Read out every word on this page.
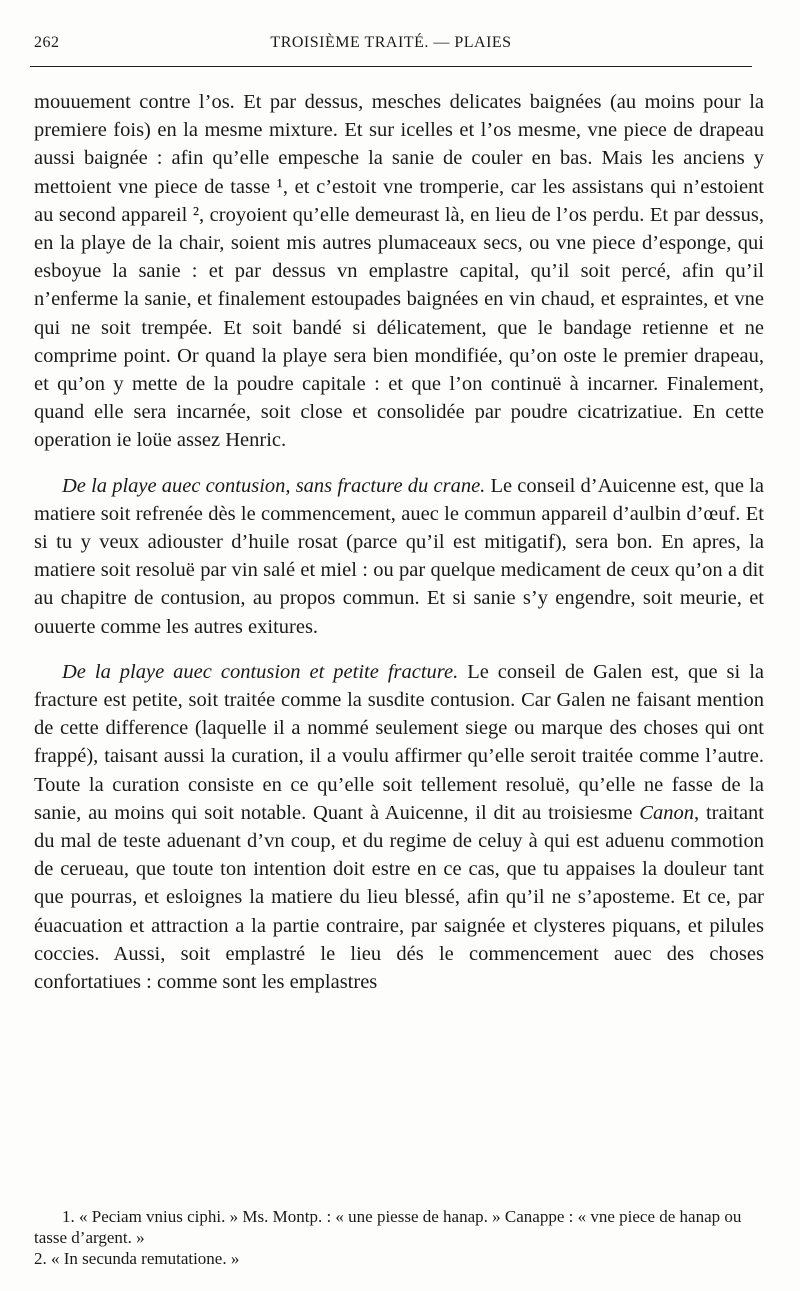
262	TROISIÈME TRAITÉ. — PLAIES

mouuement contre l’os. Et par dessus, mesches delicates baignées (au moins pour la premiere fois) en la mesme mixture. Et sur icelles et l’os mesme, vne piece de drapeau aussi baignée : afin qu’elle empesche la sanie de couler en bas. Mais les anciens y mettoient vne piece de tasse ¹, et c’estoit vne tromperie, car les assistans qui n’estoient au second appareil ², croyoient qu’elle demeurast là, en lieu de l’os perdu. Et par dessus, en la playe de la chair, soient mis autres plumaceaux secs, ou vne piece d’esponge, qui esboyue la sanie : et par dessus vn emplastre capital, qu’il soit percé, afin qu’il n’enferme la sanie, et finalement estoupades baignées en vin chaud, et espraintes, et vne qui ne soit trempée. Et soit bandé si délicatement, que le bandage retienne et ne comprime point. Or quand la playe sera bien mondifiée, qu’on oste le premier drapeau, et qu’on y mette de la poudre capitale : et que l’on continuë à incarner. Finalement, quand elle sera incarnée, soit close et consolidée par poudre cicatrizatiue. En cette operation ie loüe assez Henric.

De la playe auec contusion, sans fracture du crane. Le conseil d’Auicenne est, que la matiere soit refrenée dès le commencement, auec le commun appareil d’aulbin d’œuf. Et si tu y veux adiouster d’huile rosat (parce qu’il est mitigatif), sera bon. En apres, la matiere soit resoluë par vin salé et miel : ou par quelque medicament de ceux qu’on a dit au chapitre de contusion, au propos commun. Et si sanie s’y engendre, soit meurie, et ouuerte comme les autres exitures.

De la playe auec contusion et petite fracture. Le conseil de Galen est, que si la fracture est petite, soit traitée comme la susdite contusion. Car Galen ne faisant mention de cette difference (laquelle il a nommé seulement siege ou marque des choses qui ont frappé), taisant aussi la curation, il a voulu affirmer qu’elle seroit traitée comme l’autre. Toute la curation consiste en ce qu’elle soit tellement resoluë, qu’elle ne fasse de la sanie, au moins qui soit notable. Quant à Auicenne, il dit au troisiesme Canon, traitant du mal de teste aduenant d’vn coup, et du regime de celuy à qui est aduenu commotion de cerueau, que toute ton intention doit estre en ce cas, que tu appaises la douleur tant que pourras, et esloignes la matiere du lieu blessé, afin qu’il ne s’aposteme. Et ce, par éuacuation et attraction a la partie contraire, par saignée et clysteres piquans, et pilules coccies. Aussi, soit emplastré le lieu dés le commencement auec des choses confortatiues : comme sont les emplastres

1. « Peciam vnius ciphi. » Ms. Montp. : « une piesse de hanap. » Canappe : « vne piece de hanap ou tasse d’argent. »

2. « In secunda remutatione. »
